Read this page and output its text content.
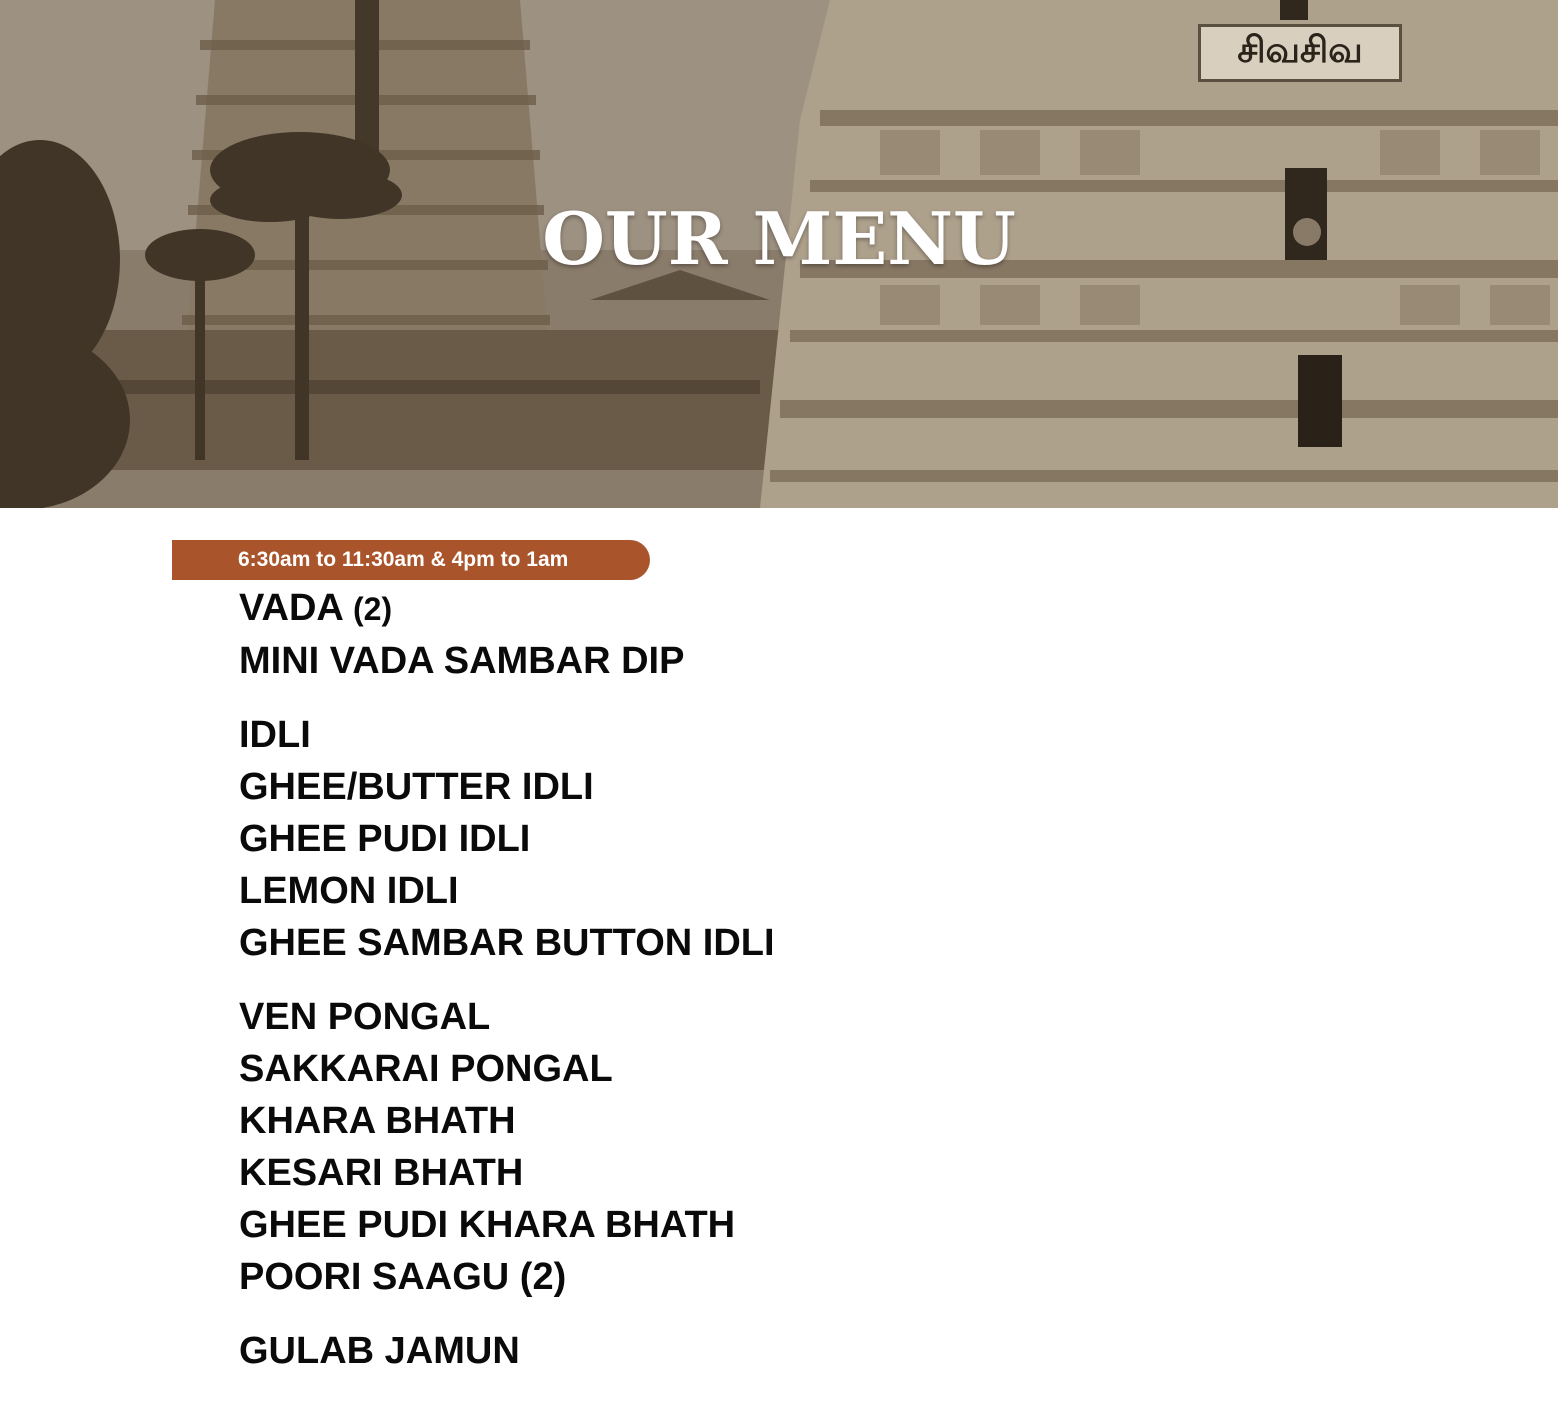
சிவசிவ
OUR MENU
6:30am to 11:30am & 4pm to 1am
VADA (2)
MINI VADA SAMBAR DIP
IDLI
GHEE/BUTTER IDLI
GHEE PUDI IDLI
LEMON IDLI
GHEE SAMBAR BUTTON IDLI
VEN PONGAL
SAKKARAI PONGAL
KHARA BHATH
KESARI BHATH
GHEE PUDI KHARA BHATH
POORI SAAGU (2)
GULAB JAMUN
